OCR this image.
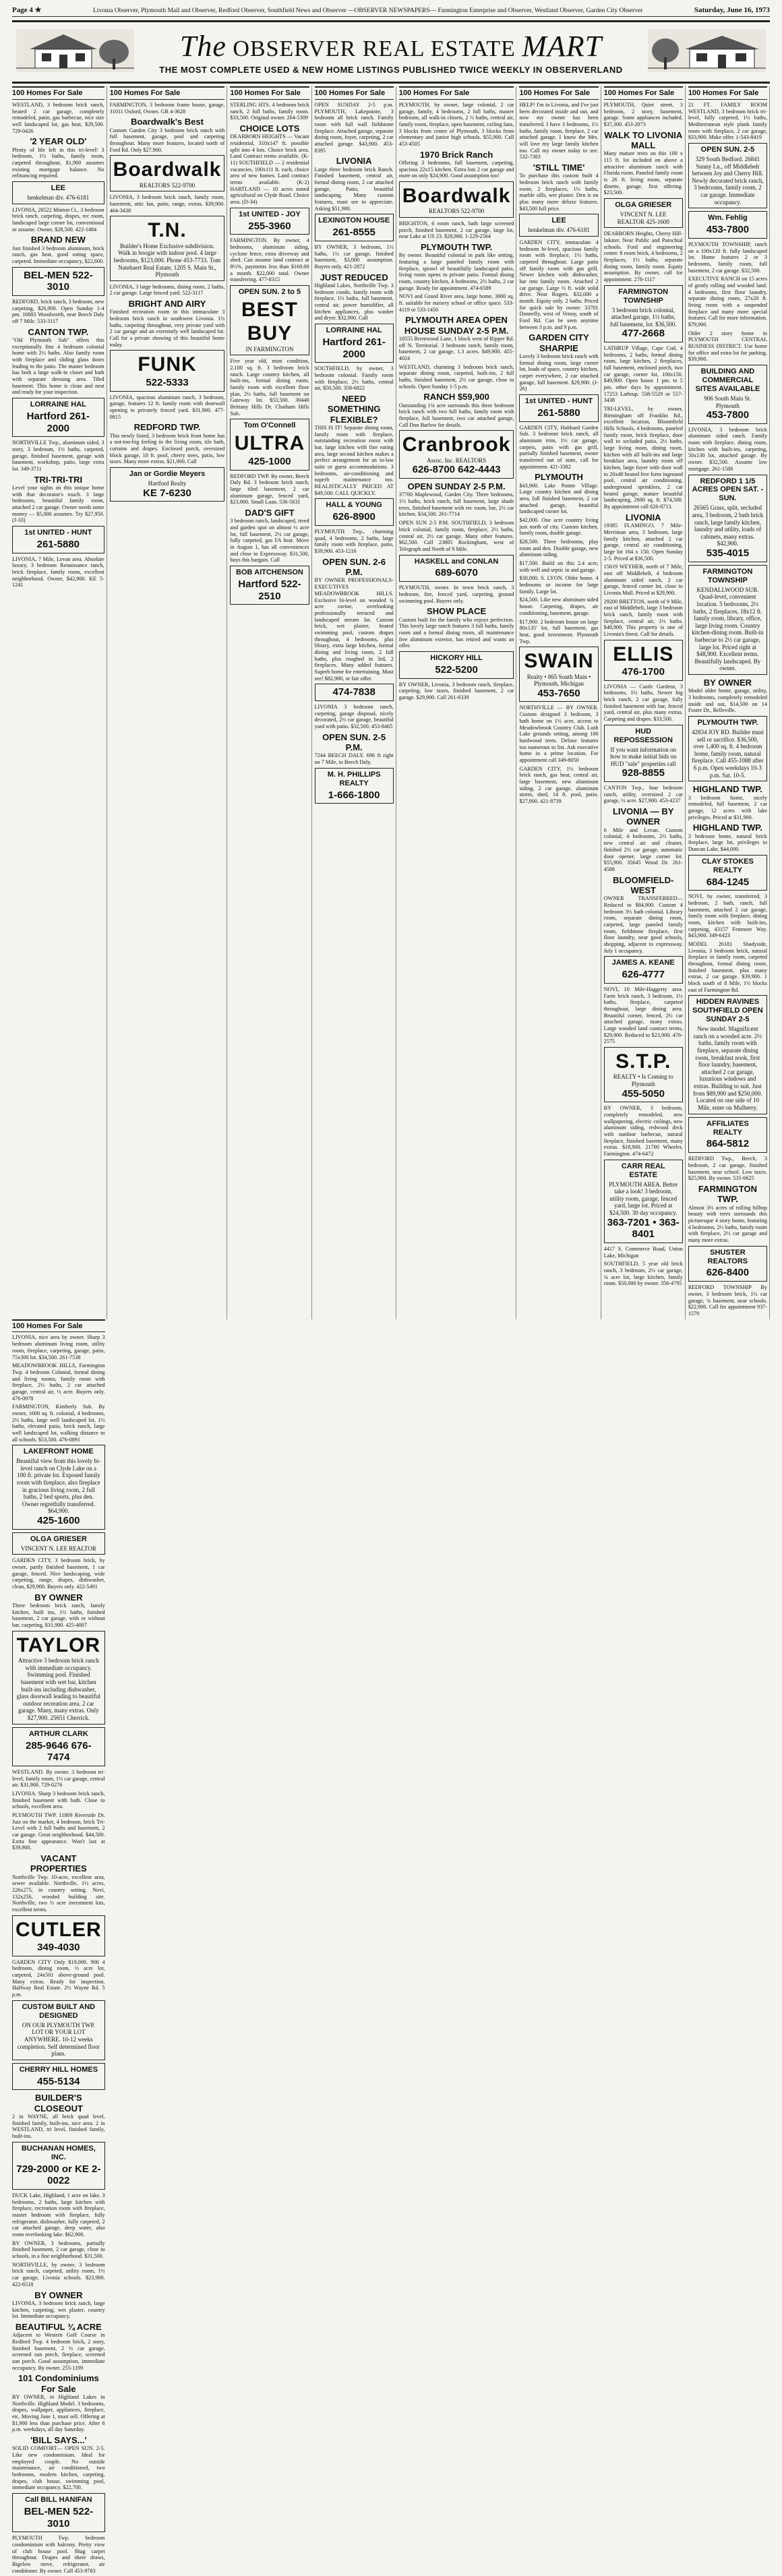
Page 4 ★	Livonia Observer, Plymouth Mail and Observer, Redford Observer, Southfield News and Observer —OBSERVER NEWSPAPERS— Farmington Enterprise and Observer, Westland Observer, Garden City Observer	Saturday, June 16, 1973
The OBSERVER REAL ESTATE MART
THE MOST COMPLETE USED & NEW HOME LISTINGS PUBLISHED TWICE WEEKLY IN OBSERVERLAND
100 Homes For Sale

WESTLAND, 3 bedroom brick ranch, heated 2 car garage, completely remodeled, patio, gas barbecue, nice size well landscaped lot, gas heat, $29,500. 729-0426

'2 YEAR OLD'

Plenty of life left in this tri-level! 3 bedroom, 1½ baths, family room, carpeted throughout, $1,900 assumes existing mortgage balance. No refinancing required.

LEE
henkelman div. 476-6181

LIVONIA, 28522 Minton Ct., 3 bedroom brick ranch, carpeting, drapes, rec room, landscaped large corner lot, conventional or assume. Owner, $28,500. 422-1484

BRAND NEW

Just finished 3 bedroom aluminum, brick ranch, gas heat, good eating space, carpeted. Immediate occupancy, $22,600.

BEL-MEN 522-3010

REDFORD, brick ranch, 3 bedroom, new carpeting, $26,900. Open Sunday 1-4 pm. 16883 Woodworth, near Beech Daly off 7 Mile. 533-3117

CANTON TWP.

"Old Plymouth Sub" offers this exceptionally fine 4 bedroom colonial home with 2½ baths. Also family room with fireplace and sliding glass doors leading to the patio. The master bedroom has both a large walk-in closet and bath with separate dressing area. Tiled basement. This home is clean and neat and ready for your inspection.

LORRAINE HAL
Hartford 261-2000

NORTHVILLE Twp., aluminum sided, 3 story, 3 bedroom, 1½ baths, carpeted, garage, finished basement, garage with basement, workshop, patio, large extra lot. 349-3711

TRI-TRI-TRI

Level your sights on this unique home with that decorator's touch. 3 large bedrooms, beautiful family room, attached 2 car garage. Owner needs some money — $5,000 assumes. Try $27,950. (J-33)

1st UNITED - HUNT
261-5880

LIVONIA, 7 Mile, Levan area. Absolute luxury, 3 bedroom Renaissance ranch, brick fireplace, family room, excellent neighborhood. Owner, $42,900. KE 5-1241

100 Homes For Sale

FARMINGTON, 3 bedroom frame house, garage, 31011 Oxford, Owner. GR 4-3628

Boardwalk's Best

Custom Garden City 3 bedroom brick ranch with full basement, garage, pool and carpeting throughout. Many more features, located north of Ford Rd. Only $27,900.

Boardwalk
REALTORS 522-9700

LIVONIA, 3 bedroom brick ranch, family room, basement, attic fan, patio, range, extras. $39,900. 464-3438

T.N.
Builder's Home Exclusive subdivision. Walk in boogie with indoor pool. 4 large bedrooms, $123,000. Phone 453-7733. Tom Natebaert Real Estate, 1205 S. Main St., Plymouth

LIVONIA, 3 large bedrooms, dining room, 2 baths, 2 car garage. Large fenced yard. 522-3117

BRIGHT AND AIRY

Finished recreation room in this immaculate 3 bedroom brick ranch in southwest Livonia. 1½ baths, carpeting throughout, very private yard with 2 car garage and an extremely well landscaped lot. Call for a private showing of this beautiful home today.

FUNK
522-5333

LIVONIA, spacious aluminum ranch, 3 bedroom, garage, features 12 ft. family room with doorwall opening to privately fenced yard. $31,900. 477-0815

REDFORD TWP.

This newly listed, 3 bedroom brick front home has a not-too-big feeling in the living room, tile bath, curtains and drapes. Enclosed porch, oversized block garage, 18 ft. pool, cherry trees, patio, low taxes. Many more extras. $21,900. Call

Jan or Gordie Meyers
Hartford Realty
KE 7-6230
100 Homes For Sale

STERLING HTS. 4 bedroom brick ranch, 2 full baths, family room. $33,500. Original owner. 264-5309

CHOICE LOTS

DEARBORN HEIGHTS — Vacant residential, 310x147 ft. possible split into 4 lots. Choice brick area. Land Contract terms available. (K-11) SOUTHFIELD — 2 residential vacancies, 100x111 ft. each, choice area of new homes. Land contract terms available. (K-2) HARTLAND — 10 acres zoned agricultural on Clyde Road. Choice area. (D-34)

1st UNITED - JOY
255-3960

FARMINGTON. By owner, 4 bedrooms, aluminum siding, cyclone fence, extra driveway and shed. Can assume land contract at 8½%, payments less than $160.00 a month. $22,000 total. Owner transferring. 477-8315

OPEN SUN. 2 to 5
BEST BUY
IN FARMINGTON

Five year old, mint condition, 2,100 sq. ft. 3 bedroom brick ranch. Large country kitchen, all built-ins, formal dining room, family room with excellent floor plan, 2½ baths, full basement on Gateway lot. $53,500. 30440 Brittany Hills Dr. Chatham Hills Sub.

Tom O'Connell
ULTRA
425-1000

REDFORD TWP. By owner, Beech Daly Rd. 3 bedroom brick ranch, large tiled basement, 2 car aluminum garage, fenced yard, $23,900. Small Loan. 536-5631

DAD'S GIFT

3 bedroom ranch, landscaped, treed and garden spot on almost ½ acre lot, full basement, 2½ car garage, fully carpeted, gas FA heat. Move in August 1, has all conveniences and close to Expressway. $31,500, buys this bargain. Call

BOB AITCHENSON
Hartford 522-2510
100 Homes For Sale

OPEN SUNDAY 2-5 p.m. PLYMOUTH, Lakepointe, 3 bedroom all brick ranch. Family room with full wall fieldstone fireplace. Attached garage, separate dining room, foyer, carpeting, 2 car attached garage. $43,900. 453-8395

LIVONIA

Large three bedroom brick Ranch. Finished basement, central air, formal dining room, 2 car attached garage, Patio, beautiful landscaping. Many custom features, must see to appreciate. Asking $51,900.

LEXINGTON HOUSE
261-8555

BY OWNER, 3 bedroom, 1½ baths, 1½ car garage, finished basement, $3,000 assumption. Buyers only. 421-2872

JUST REDUCED

Highland Lakes, Northville Twp. 3 bedroom condo, family room with fireplace, 1½ baths, full basement, central air, power humidifier, all kitchen appliances, plus washer and dryer. $32,900. Call

LORRAINE HAL
Hartford 261-2000

SOUTHFIELD, by owner, 3 bedroom colonial. Family room with fireplace, 2½ baths, central air, $50,500. 358-6822

NEED SOMETHING FLEXIBLE?

THIS IS IT! Separate dining room, family room with fireplace, outstanding recreation room with bar, large kitchen with fine eating area, large second kitchen makes a perfect arrangement for an in-law suite or guest accommodations. 3 bedrooms, air-conditioning and superb maintenance too. REALISTICALLY PRICED AT $49,500. CALL QUICKLY.

HALL & YOUNG
626-8900

PLYMOUTH Twp., charming quad, 4 bedrooms, 2 baths, large family room with fireplace, patio, $39,900. 453-1216

OPEN SUN. 2-6 P.M.

BY OWNER PROFESSIONALS-EXECUTIVES MEADOWBROOK HILLS. Exclusive bi-level on wooded ¾ acre ravine, overlooking professionally terraced and landscaped stream lot. Custom brick, wet plaster, heated swimming pool, custom drapes throughout, 4 bedrooms, plus library, extra large kitchen, formal dining and living room, 2 full baths, plus roughed in 3rd, 2 fireplaces. Many added features. Superb home for entertaining. Must see! $82,900, or fair offer.

474-7838

LIVONIA 3 bedroom ranch, carpeting, garage disposal, nicely decorated, 2½ car garage, beautiful yard with patio. $32,500. 453-8465

OPEN SUN. 2-5 P.M.

7244 BEECH DALY. 696 ft right on 7 Mile, to Beech Daly.

M. H. PHILLIPS REALTY
1-666-1800
100 Homes For Sale

PLYMOUTH, by owner, large colonial, 2 car garage, family, 4 bedrooms, 2 full baths, master bedroom, all walk-in closets, 2 ½ baths, central air, family room, fireplace, open basement, ceiling fans, 3 blocks from center of Plymouth, 3 blocks from elementary and junior high schools. $55,900. Call 453-4505

1970 Brick Ranch

Offering 3 bedrooms, full basement, carpeting, spacious 22x15 kitchen. Extra lots 2 car garage and more on only $24,900. Good assumption too!

Boardwalk
REALTORS 522-9700

BRIGHTON, 6 room ranch, bath large screened porch, finished basement, 2 car garage, large lot, near Lake at US 23. $28,900. 1-229-2564

PLYMOUTH TWP.

By owner. Beautiful colonial in park like setting, featuring a large paneled family room with fireplace, sprawl of beautifully landscaped patio, living room opens to private patio. Formal dining room, country kitchen, 4 bedrooms, 2½ baths, 2 car garage. Ready for appointment. 474-6589

NOVI and Grand River area, large home, 3000 sq. ft. suitable for nursery school or office space. 533-4119 or 533-1450

PLYMOUTH AREA OPEN HOUSE SUNDAY 2-5 P.M.

10555 Brentwood Lane, 1 block west of Ripper Rd. off N. Territorial. 3 bedroom ranch, family room, basement, 2 car garage, 1.3 acres. $49,900. 455-4024

WESTLAND, charming 3 bedroom brick ranch, separate dining room, carpeted, built-ins, 2 full baths, finished basement, 2½ car garage, close to schools. Open Sunday 1-5 p.m.

RANCH $59,900

Outstanding 1¾ acre surrounds this three bedroom brick ranch with two full baths, family room with fireplace, full basement, two car attached garage, Call Don Barlow for details.

Cranbrook
Assoc. Inc. REALTORS
626-8700 642-4443
OPEN SUNDAY 2-5 P.M.

37760 Maplewood, Garden City. Three bedrooms, 1½ baths, brick ranch, full basement, large shade trees, finished basement with rec room, bar, 2½ car kitchen. $34,500. 261-7714

OPEN SUN 2-5 P.M. SOUTHFIELD, 3 bedroom brick colonial, family room, fireplace, 2½ baths, central air, 2½ car garage. Many other features. $62,500. Call 23805 Rockingham, west of Telegraph and North of 9 Mile.

HASKELL and CONLAN
689-6070

PLYMOUTH, owner. In town brick ranch, 3 bedroom, fire, fenced yard, carpeting, ground swimming pool. Buyers only.

SHOW PLACE

Custom built for the family who enjoys perfection. This lovely large ranch features 3 full baths, family room and a formal dining room, all maintenance free aluminum exterior, has retired and wants an offer.

HICKORY HILL
522-5200

BY OWNER, Livonia, 3 bedroom ranch, fireplace, carpeting, low taxes, finished basement, 2 car garage. $29,900. Call 261-8339

100 Homes For Sale

HELP! I'm in Livonia, and I've just been decorated inside and out, and now my owner has been transferred. I have 3 bedrooms, 1½ baths, family room, fireplace, 2 car attached garage. I know the Mrs. will love my large family kitchen too. Call my owner today to see. 532-7383

'STILL TIME'

To purchase this custom built 4 bedroom brick ranch with family room, 2 fireplaces, 1½ baths, marble sills, wet plaster. Den is on plus many more deluxe features. $43,500 full price.

LEE
henkelman div. 476-6181

GARDEN CITY, immaculate 4 bedroom bi-level, spacious family room with fireplace, 1½ baths, carpeted throughout. Large patio off family room with gas grill. Newer kitchen with dishwasher, bar into family room. Attached 2 car garage. Large ½ ft. wide solid drive. Near Rogers. $32,000 a month. Equity only. 2 baths. Priced for quick sale by owner. 33701 Donnelly, west of Venoy, south of Ford Rd. Can be seen anytime between 3 p.m. and 9 p.m.

GARDEN CITY SHARPIE

Lovely 3 bedroom brick ranch with formal dining room, large corner lot, loads of space, country kitchen, carpet everywhere, 2 car attached garage, full basement. $29,900. (J-26)

1st UNITED - HUNT
261-5880

GARDEN CITY, Hubbard Garden Sub. 3 bedroom brick ranch, all aluminum trim, 1½ car garage, carpets, patio with gas grill, partially finished basement, owner transferred out of state, call for appointment. 421-3382

PLYMOUTH

$43,900. Lake Pointe Village. Large country kitchen and dining area, full finished basement, 2 car attached garage, beautiful landscaped corner lot.

$42,000. One acre country living just north of city. Custom kitchen, family room, double garage.

$28,500. Three bedrooms, play room and den. Double garage, new aluminum siding.

$17,500. Build on this 2.4 acre, with well and septic in and garage.

$30,000. S. LYON. Older home. 4 bedrooms or income for large family. Large lot.

$24,500. Like new aluminum sided house. Carpeting, drapes, air conditioning, basement, garage.

$17,900. 2 bedroom house on large 80x135' lot, full basement, gas heat, good investment. Plymouth Twp.

SWAIN
Realty • 865 South Main • Plymouth, Michigan
453-7650

NORTHVILLE — BY OWNER. Custom designed 3 bedroom, 3 bath home on 1½ acre, access to Meadowbrook Country Club. Lush Lake grounds setting, among 100 hardwood trees. Deluxe features too numerous to list. Ask executive home in a prime location. For appointment call 349-8050

GARDEN CITY, 1½ bedroom brick ranch, gas heat, central air, large basement, new aluminum siding, 2 car garage, aluminum storm, shed, 14 ft. pool, patio. $27,900. 421-8739

100 Homes For Sale

PLYMOUTH, Quiet street, 3 bedroom, 2 story, basement, garage. Some appliances included. $37,300. 453-2073

WALK TO LIVONIA MALL

Many mature trees on this 100 x 115 ft. lot included on above a attractive aluminum ranch with Florida room. Paneled family room is 26 ft. living room, separate dinette, garage, first offering. $23,500.

OLGA GRIESER
VINCENT N. LEE REALTOR 425-1600

DEARBORN Heights, Cherry Hill-Inkster. Near Public and Parochial schools. Ford and engineering center. 8 room brick, 4 bedrooms, 2 fireplaces, 1½ baths, separate dining room, family room. Equity assumption. By owner, call for appointment. 278-1117

FARMINGTON TOWNSHIP
3 bedroom brick colonial, attached garage, 1½ baths, full basement, lot. $36,500.
477-2668

LATHRUP Village, Cape Cod, 4 bedrooms, 2 baths, formal dining room, large kitchen, 2 fireplaces, full basement, enclosed porch, two car garage, corner lot, 100x150. $49,900. Open house 1 pm. to 5 pm. other days by appointment. 17253 Lathrup. 538-5529 or 557-3438

TRI-LEVEL, by owner, Birmingham off Franklin Rd., excellent location, Bloomfield Hills Schools, 4 bedrooms, paneled family room, brick fireplace, door wall to secluded patio, 2½ baths, large living room, dining room, kitchen with all built-ins and large breakfast area, laundry room off kitchen, large foyer with door wall to 20x40 heated free form inground pool, central air conditioning, underground sprinklers, 2 car heated garage, mature beautiful landscaping, 2600 sq. ft. $74,500. By appointment call 626-8713.

LIVONIA

19385 FLAMINGO, 7 Mile-Merriman area, 3 bedroom, large family kitchen, attached 2 car garage, central air conditioning, large lot 164 x 150. Open Sunday 2-5. Priced at $36,500.

15619 WEYHER, north of 7 Mile, east off Middlebelt, 4 bedroom aluminum sided ranch, 2 car garage, fenced corner lot, close to Livonia Mall. Priced at $29,900.

29200 BRETTON, north of 9 Mile, east of Middlebelt, large 3 bedroom brick ranch, family room with fireplace, central air, 1½ baths. $48,900. This property is one of Livonia's finest. Call for details.

ELLIS
476-1700

LIVONIA — Castle Gardens, 3 bedrooms, 1½ baths, Newer big brick ranch, 2 car garage, fully finished basement with bar, fenced yard, central air, plus many extras. Carpeting and drapes. $33,500.

HUD REPOSSESSION
If you want information on how to make initial bids on HUD "sale" properties call
928-8855

CANTON Twp., four bedroom ranch, utility, oversized 2 car garage, ½ acre. $27,900. 453-4237

LIVONIA — BY OWNER

6 Mile and Levan. Custom colonial, 4 bedrooms, 2½ baths, new central air and cleaner, finished 2½ car garage, automatic door opener, large corner lot. $55,900. 35645 Wood Dr. 261-4588

BLOOMFIELD-WEST

OWNER TRANSFERRED—Reduced to $84,900. Custom 4 bedroom 3½ bath colonial. Library room, separate dining room, carpeted, large paneled family room, fieldstone fireplace, first floor laundry, near good schools, shopping, adjacent to expressway. July 1 occupancy.

JAMES A. KEANE
626-4777

NOVI, 10 Mile-Haggerty area. Farm brick ranch, 3 bedroom, 1½ baths, fireplace, carpeted throughout, large dining area. Beautiful corner, fenced, 2½ car attached garage, many extras. Large wooded land contract terms, $29,900. Reduced to $23,900. 476-2575

S.T.P.
REALTY • Is Coming to Plymouth
455-5050

BY OWNER, 3 bedroom, completely remodeled, new wallpapering, electric ceilings, new aluminum siding, redwood deck with outdoor barbecue, natural fireplace, finished basement, many extras. $18,900. 21700 Wheeler, Farmington. 474-6472

CARR REAL ESTATE
PLYMOUTH AREA. Better take a look! 3 bedroom, utility room, garage, fenced yard, large lot. Priced at $24,500. 30 day occupancy.
363-7201 • 363-8401

4417 S. Commerce Road, Union Lake, Michigan

SOUTHFIELD, 5 year old brick ranch, 3 bedroom, 2½ car garage, ¾ acre lot, large kitchen, family room. $50,000 by owner. 356-4795

100 Homes For Sale

21 FT. FAMILY ROOM WESTLAND, 3 bedroom brick tri-level, fully carpeted, 1½ baths, Mediterranean style plank family room with fireplace, 2 car garage, $33,900. Make offer. 1-543-8419

OPEN SUN. 2-5
329 South Bedford. 26841 Sunny Ln., off Middlebelt between Joy and Cherry Hill. Newly decorated brick ranch, 3 bedrooms, family room, 2 car garage. Immediate occupancy.
Wm. Fehlig
453-7800

PLYMOUTH TOWNSHIP, ranch on a 100x120 ft. fully landscaped lot. Home features 2 or 3 bedrooms, family room, full basement, 2 car garage. $32,500.

EXECUTIVE RANCH on 15 acres of gently rolling and wooded land. 4 bedrooms, first floor laundry, separate dining room, 27x20 ft. living room with a suspended fireplace and many more special features. Call for more information. $79,900.

Older 2 story home in PLYMOUTH CENTRAL BUSINESS DISTRICT. Use home for office and extra lot for parking. $39,900.

BUILDING AND COMMERCIAL SITES AVAILABLE
906 South Main St. Plymouth
453-7800

LIVONIA, 3 bedroom brick aluminum sided ranch. Family room with fireplace, dining room, kitchen with built-ins, carpeting, 50x130 lot, attached garage. By owner. $32,500. Assume low mortgage. 261-1588

REDFORD 1 1/5 ACRES OPEN SAT. - SUN.
26565 Grass, split, secluded area, 3 bedroom, 2 bath brick ranch, large family kitchen, laundry and utility, loads of cabinets, many extras. $42,900.
535-4015
FARMINGTON TOWNSHIP
KENDALLWOOD SUB. Quad-level, convenient location. 5 bedrooms, 2½ baths, 2 fireplaces, 18x12 ft. family room, library, office, large living room. Country kitchen-dining room. Built-in barbecue to 2½ car garage, large lot. Priced right at $48,900. Excellent terms. Beautifully landscaped. By owner.
BY OWNER

Model older home, garage, utility, 3 bedrooms, completely remodeled inside and out, $14,500 on 14 Foster Dr., Belleville.

PLYMOUTH TWP.
42834 JOY RD. Builder must sell or sacrifice. $36,500, over 1,400 sq. ft. 4 bedroom home, family room, natural fireplace. Call 455-1088 after 6 p.m. Open weekdays 10-3 p.m. Sat. 10-5.
HIGHLAND TWP.

3 bedroom home, nicely remodeled, full basement, 2 car garage, 12 acres with lake privileges. Priced at $31,900.

HIGHLAND TWP.

3 bedroom home, natural brick fireplace, large lot, privileges to Duncan Lake, $44,000.

CLAY STOKES REALTY
684-1245

NOVI, by owner, transferred, 3 bedroom, 2 bath, ranch, full basement, attached 2 car garage, family room with fireplace, dining room, kitchen with built-ins, carpeting, 43157 Fenmore Way. $43,900. 349-6423

MODEL 26181 Shadyside, Livonia, 3 bedroom brick, natural fireplace in family room, carpeted throughout, formal dining room, finished basement, plus many extras, 2 car garage. $39,900. 1 block south of 8 Mile, 1½ blocks east of Farmington Rd.

HIDDEN RAVINES SOUTHFIELD OPEN SUNDAY 2-5
New model. Magnificent ranch on a wooded acre. 2½ baths, family room with fireplace, separate dining room, breakfast nook, first floor laundry, basement, attached 2 car garage, luxurious windows and extras. Building to suit. Just from $89,900 and $250,000. Located on one side of 10 Mile, enter on Mulberry.
AFFILIATES REALTY
864-5812

REDFORD Twp., Beech, 3 bedroom, 2 car garage, finished basement, near school. Low taxes. $25,900. By owner. 535-6625

FARMINGTON TWP.

Almost 3½ acres of rolling hilltop beauty with trees surrounds this picturesque 4 story home, featuring 4 bedrooms, 2½ baths, family room with fireplace, 2½ car garage and many more extras.

SHUSTER REALTORS
626-8400

REDFORD TOWNSHIP By owner, 3 bedroom brick, 1½ car garage, ¾ basement, near schools. $22,900. Call for appointment 937-1579

100 Homes For Sale

LIVONIA, nice area by owner. Sharp 3 bedroom aluminum living room, utility room, fireplace, carpeting, garage, patio, 75x300 lot. $34,500. 261-7538

MEADOWBROOK HILLS, Farmington Twp. 4 bedroom Colonial, formal dining and living rooms, family room with fireplace, 2½ baths, 2 car attached garage, central air, ½ acre. Buyers only. 476-0978

FARMINGTON, Kimberly Sub. By owner, 1600 sq. ft. colonial, 4 bedrooms, 2½ baths, large well landscaped lot, 1½ baths, elevated patio, brick ranch, large well landscaped lot, walking distance to all schools. $53,500. 476-0891

LAKEFRONT HOME
Beautiful view from this lovely bi-level ranch on Clyde Lake on a 100 ft. private lot. Exposed family room with fireplace, also fireplace in gracious living room, 2 full baths, 2 bed sports, plus den. Owner regretfully transferred. $64,900.
425-1600
OLGA GRIESER
VINCENT N. LEE REALTOR

GARDEN CITY, 3 bedroom brick, by owner, partly finished basement, 1 car garage, fenced. Nice landscaping, wide carpeting, range, drapes, dishwasher, clean, $29,900. Buyers only. 422-5491

BY OWNER

Three bedroom brick ranch, family kitchen, built ins, 1½ baths, finished basement, 2 car garage, with or without bar, carpeting, $31,900. 425-4007

TAYLOR
Attractive 3 bedroom brick ranch with immediate occupancy. Swimming pool. Finished basement with wet bar, kitchen built-ins including dishwasher, glass doorwall leading to beautiful outdoor recreation area. 2 car garage. Many, many extras. Only $27,900. 25651 Cherrick.
ARTHUR CLARK
285-9646 676-7474

WESTLAND. By owner. 3 bedroom tri-level, family room, 1½ car garage, central air. $31,900. 729-0276

LIVONIA. Sharp 3 bedroom brick ranch, finished basement with bath. Close to schools, excellent area.

PLYMOUTH TWP. 11809 Riverside Dr. Just on the market, 4 bedroom, brick Tri-Level with 2 full baths and basement, 2 car garage. Great neighborhood. $44,500. Extra fine appearance. Won't last at $39,900.

VACANT PROPERTIES

Northville Twp. 10-acre, excellent area, sewer available. Northville, 1½ acres, 226x275, in country setting. Novi, 132x256, wooded building site. Northville, two ½ acre investment lots, excellent terms.

CUTLER
349-4030

GARDEN CITY Only $19,000. 900 4 bedroom, dining room, ½ acre lot, carpeted, 24x501 above-ground pool. Many extras. Ready for inspection. Halfway Real Estate. 2½ Wayne Rd. 5 p.m.

CUSTOM BUILT AND DESIGNED
ON OUR PLYMOUTH TWP. LOT OR YOUR LOT ANYWHERE. 10-12 weeks completion. Self determined floor plans.
CHERRY HILL HOMES
455-5134
BUILDER'S CLOSEOUT

2 in WAYNE, all brick quad level, finished family, built-ins, nice area. 2 in WESTLAND, tri level, finished family, built-ins.

BUCHANAN HOMES, INC.
729-2000 or KE 2-0022

DUCK Lake, Highland, 1 acre on lake, 3 bedrooms, 2 baths, large kitchen with fireplace, recreation room with fireplace, master bedroom with fireplace, fully refrigerator, dishwasher, fully carpeted, 2 car attached garage, deep water, also room overlooking lake. $62,900.

BY OWNER, 3 bedrooms, partially finished basement, 2 car garage, close to schools, in a fine neighborhood. $31,500.

NORTHVILLE, by owner, 3 bedroom brick ranch, carpeted, utility room, 1½ car garage, Livonia schools. $23,900. 422-6518

BY OWNER

LIVONIA, 3 bedroom brick ranch, large kitchen, carpeting, wet plaster, country lot. Immediate occupancy.

BEAUTIFUL ¾ ACRE

Adjacent to Western Golf Course in Redford Twp. 4 bedroom brick, 2 story, finished basement, 2 ½ car garage, screened sun porch, fireplace, screened sun porch. Good assumption, immediate occupancy. By owner. 255-1199

101 Condominiums For Sale

BY OWNER, in Highland Lakes in Northville. Highland Model. 3 bedrooms, drapes, wallpaper, appliances, fireplace, etc. Moving June 1, must sell. Offering at $1,900 less than purchase price. After 6 p.m. weekdays, all day Saturday.

'BILL SAYS...'

SOLID COMFORT— OPEN SUN. 2-5. Like new condominium. Ideal for employed couple. No outside maintenance, air conditioned, two bedrooms, modern kitchen, carpeting, drapes, club house, swimming pool, immediate occupancy. $22,700.

Call BILL HANIFAN
BEL-MEN 522-3010

PLYMOUTH Twp. bedroom condominium with balcony. Pretty view of club house pool. Shag carpet throughout. Drapes and sheer draws, Bigelow stove, refrigerator, air conditioner. By owner. Call 453-9783
